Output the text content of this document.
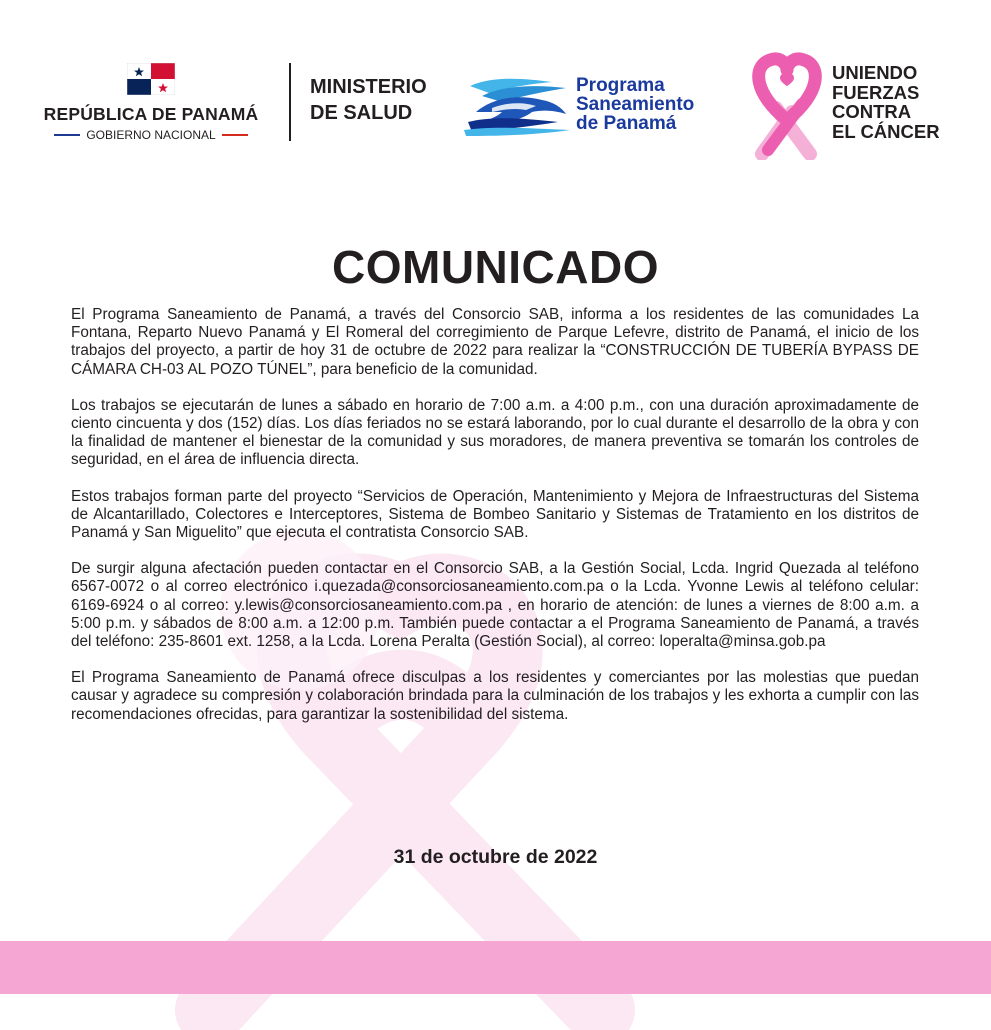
REPÚBLICA DE PANAMÁ
GOBIERNO NACIONAL
MINISTERIO
DE SALUD
Programa
Saneamiento
de Panamá
UNIENDO
FUERZAS
CONTRA
EL CÁNCER
COMUNICADO

El Programa Saneamiento de Panamá, a través del Consorcio SAB, informa a los residentes de las comunidades La Fontana, Reparto Nuevo Panamá y El Romeral del corregimiento de Parque Lefevre, distrito de Panamá, el inicio de los trabajos del proyecto, a partir de hoy 31 de octubre de 2022 para realizar la “CONSTRUCCIÓN DE TUBERÍA BYPASS DE CÁMARA CH-03 AL POZO TÚNEL”, para beneficio de la comunidad.

Los trabajos se ejecutarán de lunes a sábado en horario de 7:00 a.m. a 4:00 p.m., con una duración aproximadamente de ciento cincuenta y dos (152) días. Los días feriados no se estará laborando, por lo cual durante el desarrollo de la obra y con la finalidad de mantener el bienestar de la comunidad y sus moradores, de manera preventiva se tomarán los controles de seguridad, en el área de influencia directa.

Estos trabajos forman parte del proyecto “Servicios de Operación, Mantenimiento y Mejora de Infraestructuras del Sistema de Alcantarillado, Colectores e Interceptores, Sistema de Bombeo Sanitario y Sistemas de Tratamiento en los distritos de Panamá y San Miguelito” que ejecuta el contratista Consorcio SAB.

De surgir alguna afectación pueden contactar en el Consorcio SAB, a la Gestión Social, Lcda. Ingrid Quezada al teléfono 6567-0072 o al correo electrónico i.quezada@consorciosaneamiento.com.pa o la Lcda. Yvonne Lewis al teléfono celular: 6169-6924 o al correo: y.lewis@consorciosaneamiento.com.pa , en horario de atención: de lunes a viernes de 8:00 a.m. a 5:00 p.m. y sábados de 8:00 a.m. a 12:00 p.m. También puede contactar a el Programa Saneamiento de Panamá, a través del teléfono: 235-8601 ext. 1258, a la Lcda. Lorena Peralta (Gestión Social), al correo: loperalta@minsa.gob.pa

El Programa Saneamiento de Panamá ofrece disculpas a los residentes y comerciantes por las molestias que puedan causar y agradece su compresión y colaboración brindada para la culminación de los trabajos y les exhorta a cumplir con las recomendaciones ofrecidas, para garantizar la sostenibilidad del sistema.

31 de octubre de 2022
